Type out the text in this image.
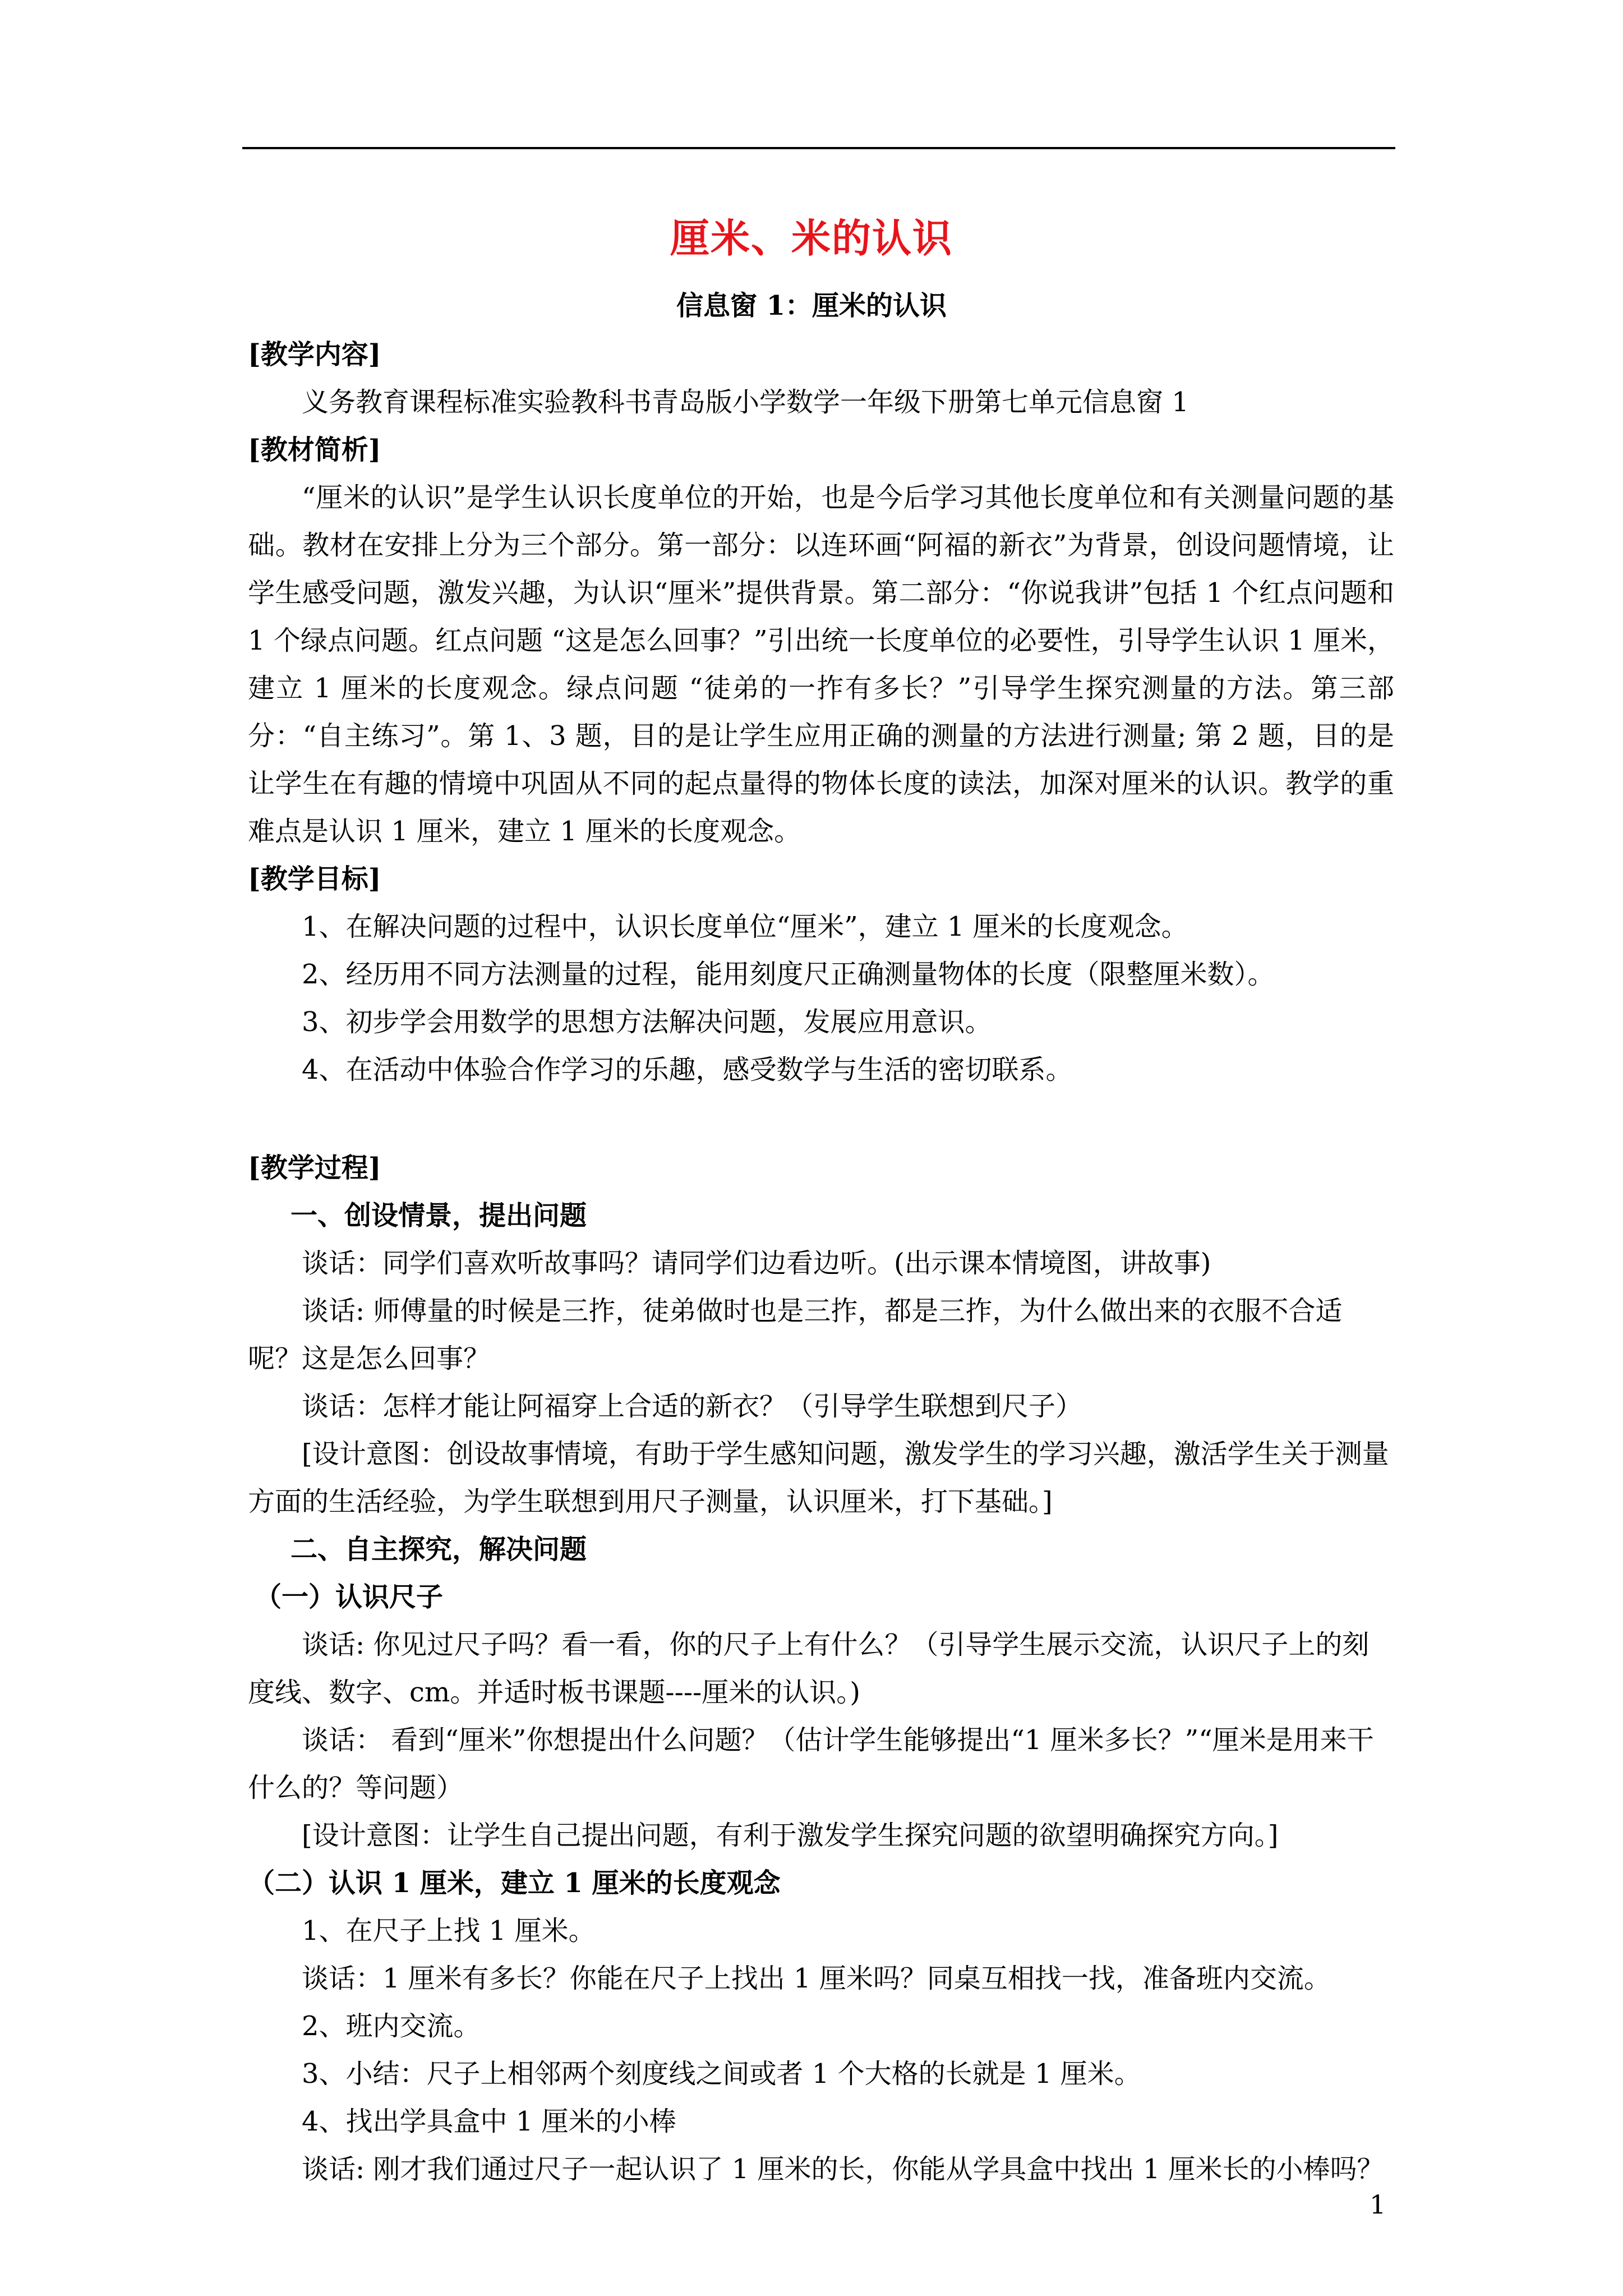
厘米、米的认识
信息窗 1：厘米的认识

[教学内容]

义务教育课程标准实验教科书青岛版小学数学一年级下册第七单元信息窗 1

[教材简析]

“厘米的认识”是学生认识长度单位的开始，也是今后学习其他长度单位和有关测量问题的基础。教材在安排上分为三个部分。第一部分：以连环画“阿福的新衣”为背景，创设问题情境，让学生感受问题，激发兴趣，为认识“厘米”提供背景。第二部分：“你说我讲”包括 1 个红点问题和 1 个绿点问题。红点问题 “这是怎么回事？”引出统一长度单位的必要性，引导学生认识 1 厘米，建立 1 厘米的长度观念。绿点问题 “徒弟的一拃有多长？”引导学生探究测量的方法。第三部分：“自主练习”。第 1、3 题，目的是让学生应用正确的测量的方法进行测量; 第 2 题，目的是让学生在有趣的情境中巩固从不同的起点量得的物体长度的读法，加深对厘米的认识。教学的重难点是认识 1 厘米，建立 1 厘米的长度观念。

[教学目标]

1、在解决问题的过程中，认识长度单位“厘米”，建立 1 厘米的长度观念。

2、经历用不同方法测量的过程，能用刻度尺正确测量物体的长度（限整厘米数）。

3、初步学会用数学的思想方法解决问题，发展应用意识。

4、在活动中体验合作学习的乐趣，感受数学与生活的密切联系。

[教学过程]

一、创设情景，提出问题

谈话：同学们喜欢听故事吗？请同学们边看边听。(出示课本情境图，讲故事)

谈话: 师傅量的时候是三拃，徒弟做时也是三拃，都是三拃，为什么做出来的衣服不合适呢？这是怎么回事？

谈话：怎样才能让阿福穿上合适的新衣？（引导学生联想到尺子）

[设计意图：创设故事情境，有助于学生感知问题，激发学生的学习兴趣，激活学生关于测量方面的生活经验，为学生联想到用尺子测量，认识厘米，打下基础。]

二、自主探究，解决问题

（一）认识尺子

谈话: 你见过尺子吗？看一看，你的尺子上有什么？（引导学生展示交流，认识尺子上的刻度线、数字、cm。并适时板书课题----厘米的认识。)

谈话： 看到“厘米”你想提出什么问题？（估计学生能够提出“1 厘米多长？”“厘米是用来干什么的？等问题）

[设计意图：让学生自己提出问题，有利于激发学生探究问题的欲望明确探究方向。]

（二）认识 1 厘米，建立 1 厘米的长度观念

1、在尺子上找 1 厘米。

谈话：1 厘米有多长？你能在尺子上找出 1 厘米吗？同桌互相找一找，准备班内交流。

2、班内交流。

3、小结：尺子上相邻两个刻度线之间或者 1 个大格的长就是 1 厘米。

4、找出学具盒中 1 厘米的小棒

谈话: 刚才我们通过尺子一起认识了 1 厘米的长，你能从学具盒中找出 1 厘米长的小棒吗？

1
